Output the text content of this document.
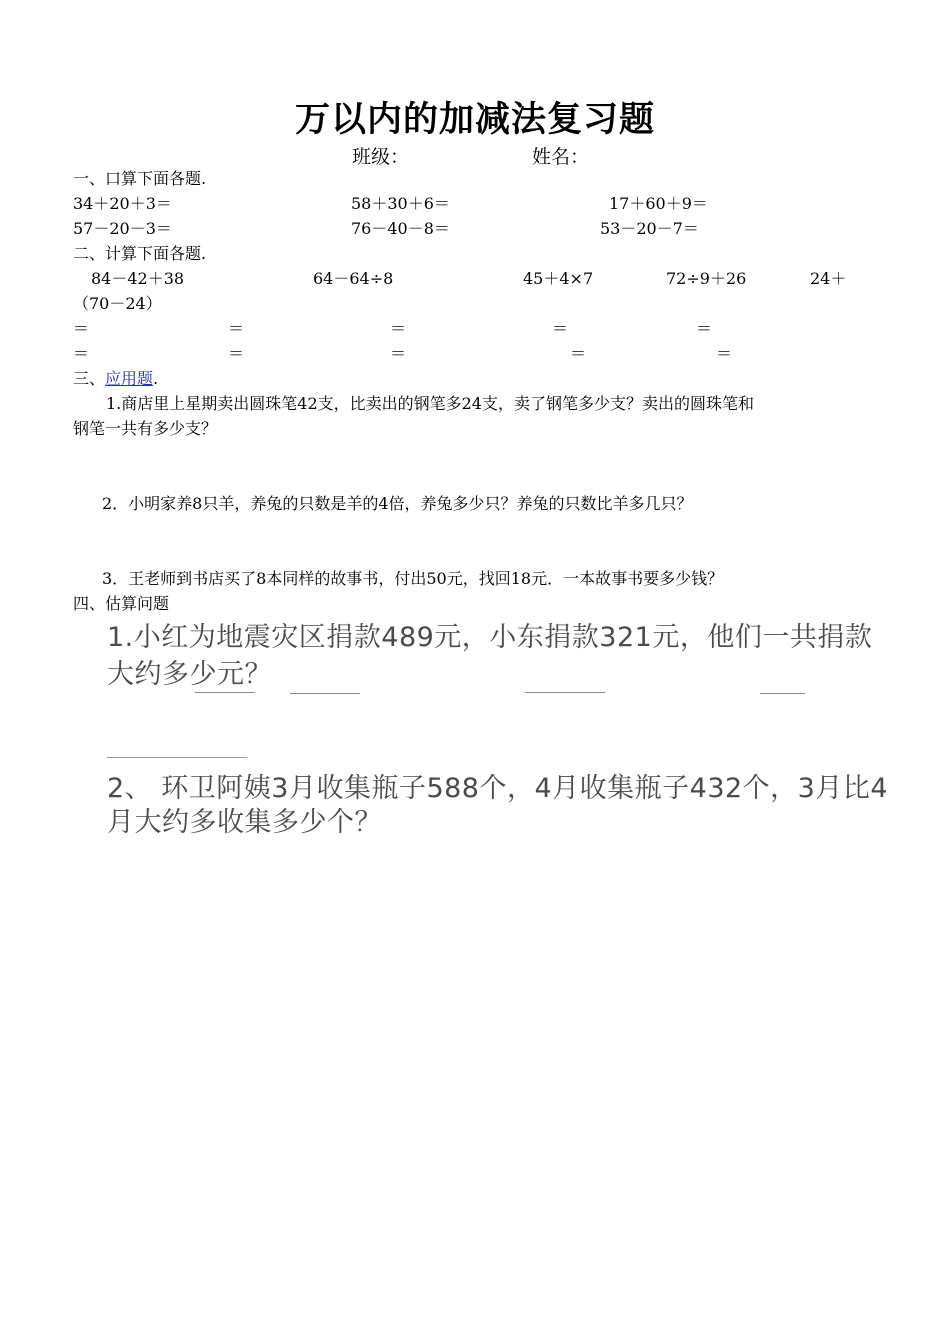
万以内的加减法复习题
班级：	姓名：
一、口算下面各题.
34＋20＋3＝	58＋30＋6＝	17＋60＋9＝
57－20－3＝	76－40－8＝	53－20－7＝
二、计算下面各题.
84－42＋38	64－64÷8	45＋4×7	72÷9＋26	24＋
（70－24）
＝	＝	＝	＝	＝
＝	＝	＝	＝	＝
三、应用题.
1.商店里上星期卖出圆珠笔42支，比卖出的钢笔多24支，卖了钢笔多少支？卖出的圆珠笔和
钢笔一共有多少支？
2．小明家养8只羊，养兔的只数是羊的4倍，养兔多少只？养兔的只数比羊多几只？
3．王老师到书店买了8本同样的故事书，付出50元，找回18元．一本故事书要多少钱？
四、估算问题
1.小红为地震灾区捐款489元，小东捐款321元，他们一共捐款
大约多少元？
2、 环卫阿姨3月收集瓶子588个，4月收集瓶子432个，3月比4
月大约多收集多少个？
